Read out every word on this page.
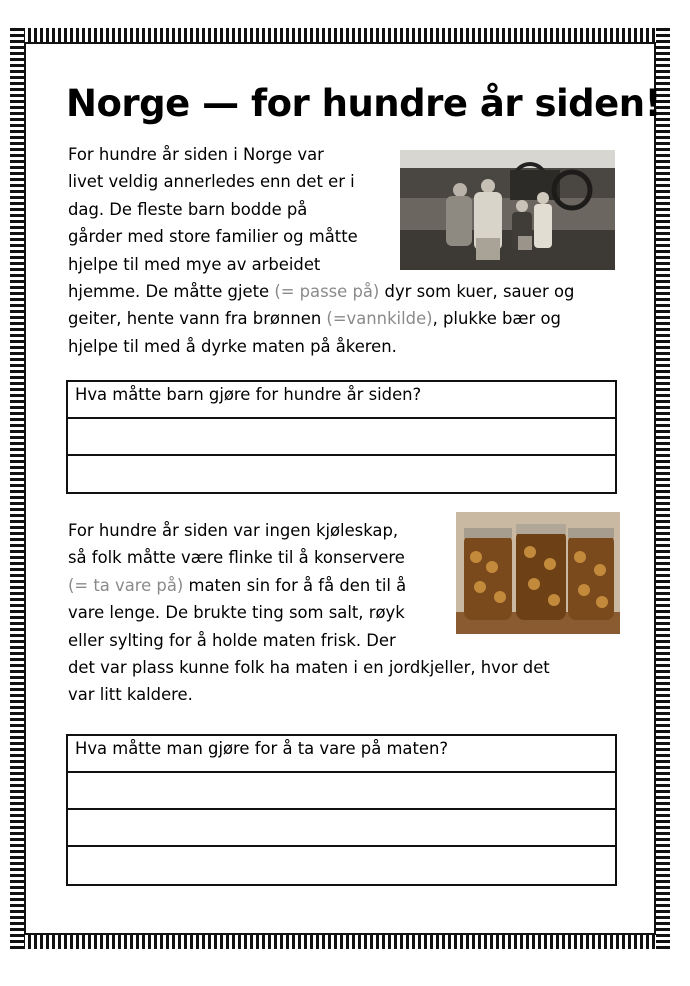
Norge — for hundre år siden!
For hundre år siden i Norge var
livet veldig annerledes enn det er i
dag. De fleste barn bodde på
gårder med store familier og måtte
hjelpe til med mye av arbeidet
hjemme. De måtte gjete (= passe på) dyr som kuer, sauer og
geiter, hente vann fra brønnen (=vannkilde), plukke bær og
hjelpe til med å dyrke maten på åkeren.
Hva måtte barn gjøre for hundre år siden?
For hundre år siden var ingen kjøleskap,
så folk måtte være flinke til å konservere
(= ta vare på) maten sin for å få den til å
vare lenge. De brukte ting som salt, røyk
eller sylting for å holde maten frisk. Der
det var plass kunne folk ha maten i en jordkjeller, hvor det
var litt kaldere.
Hva måtte man gjøre for å ta vare på maten?
